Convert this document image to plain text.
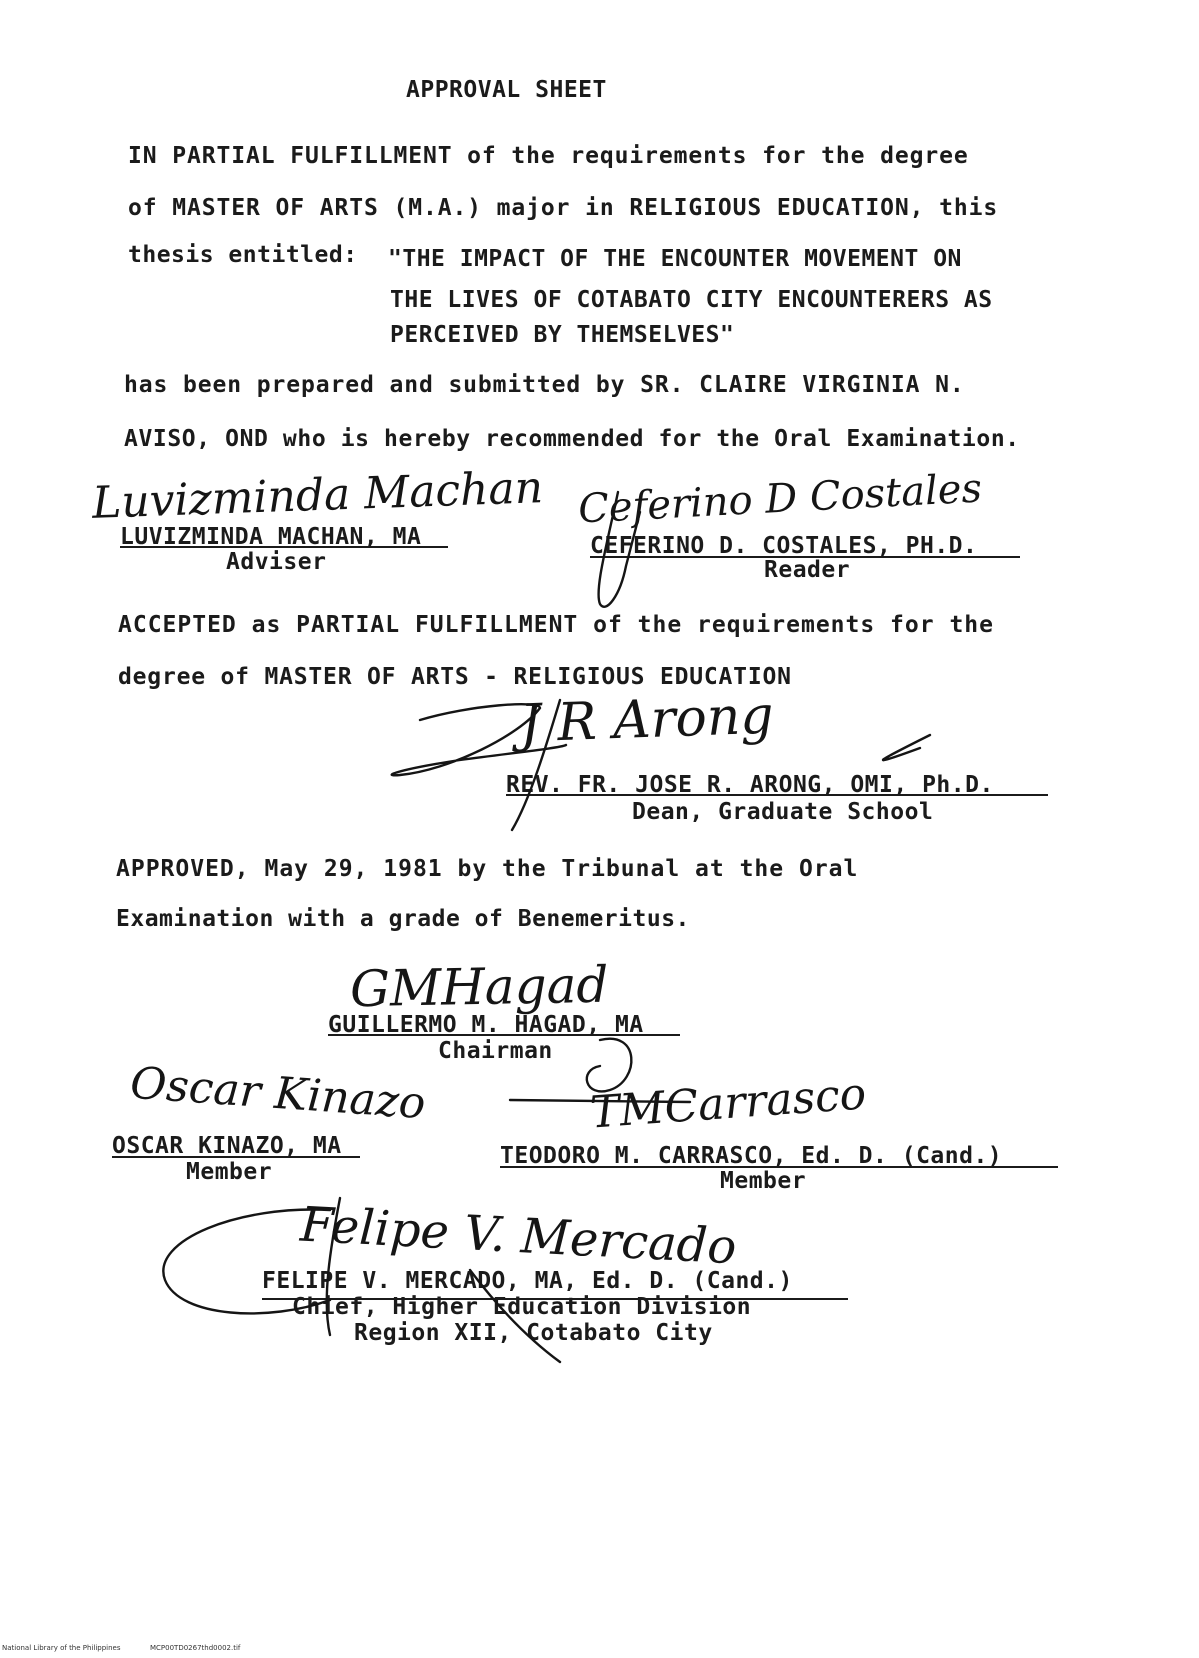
APPROVAL SHEET
IN PARTIAL FULFILLMENT of the requirements for the degree
of MASTER OF ARTS (M.A.) major in RELIGIOUS EDUCATION, this
thesis entitled: "THE IMPACT OF THE ENCOUNTER MOVEMENT ON
THE LIVES OF COTABATO CITY ENCOUNTERERS AS
PERCEIVED BY THEMSELVES"
has been prepared and submitted by SR. CLAIRE VIRGINIA N.
AVISO, OND who is hereby recommended for the Oral Examination.
Luvizminda Machan
LUVIZMINDA MACHAN, MA
Adviser
Ceferino D Costales
CEFERINO D. COSTALES, PH.D.
Reader
ACCEPTED as PARTIAL FULFILLMENT of the requirements for the
degree of MASTER OF ARTS - RELIGIOUS EDUCATION
J R Arong
REV. FR. JOSE R. ARONG, OMI, Ph.D.
Dean, Graduate School
APPROVED, May 29, 1981 by the Tribunal at the Oral
Examination with a grade of Benemeritus.
GMHagad
GUILLERMO M. HAGAD, MA
Chairman
Oscar Kinazo
OSCAR KINAZO, MA
Member
TMCarrasco
TEODORO M. CARRASCO, Ed. D. (Cand.)
Member
Felipe V. Mercado
FELIPE V. MERCADO, MA, Ed. D. (Cand.)
Chief, Higher Education Division
Region XII, Cotabato City
National Library of the Philippines	MCP00TD0267thd0002.tif
